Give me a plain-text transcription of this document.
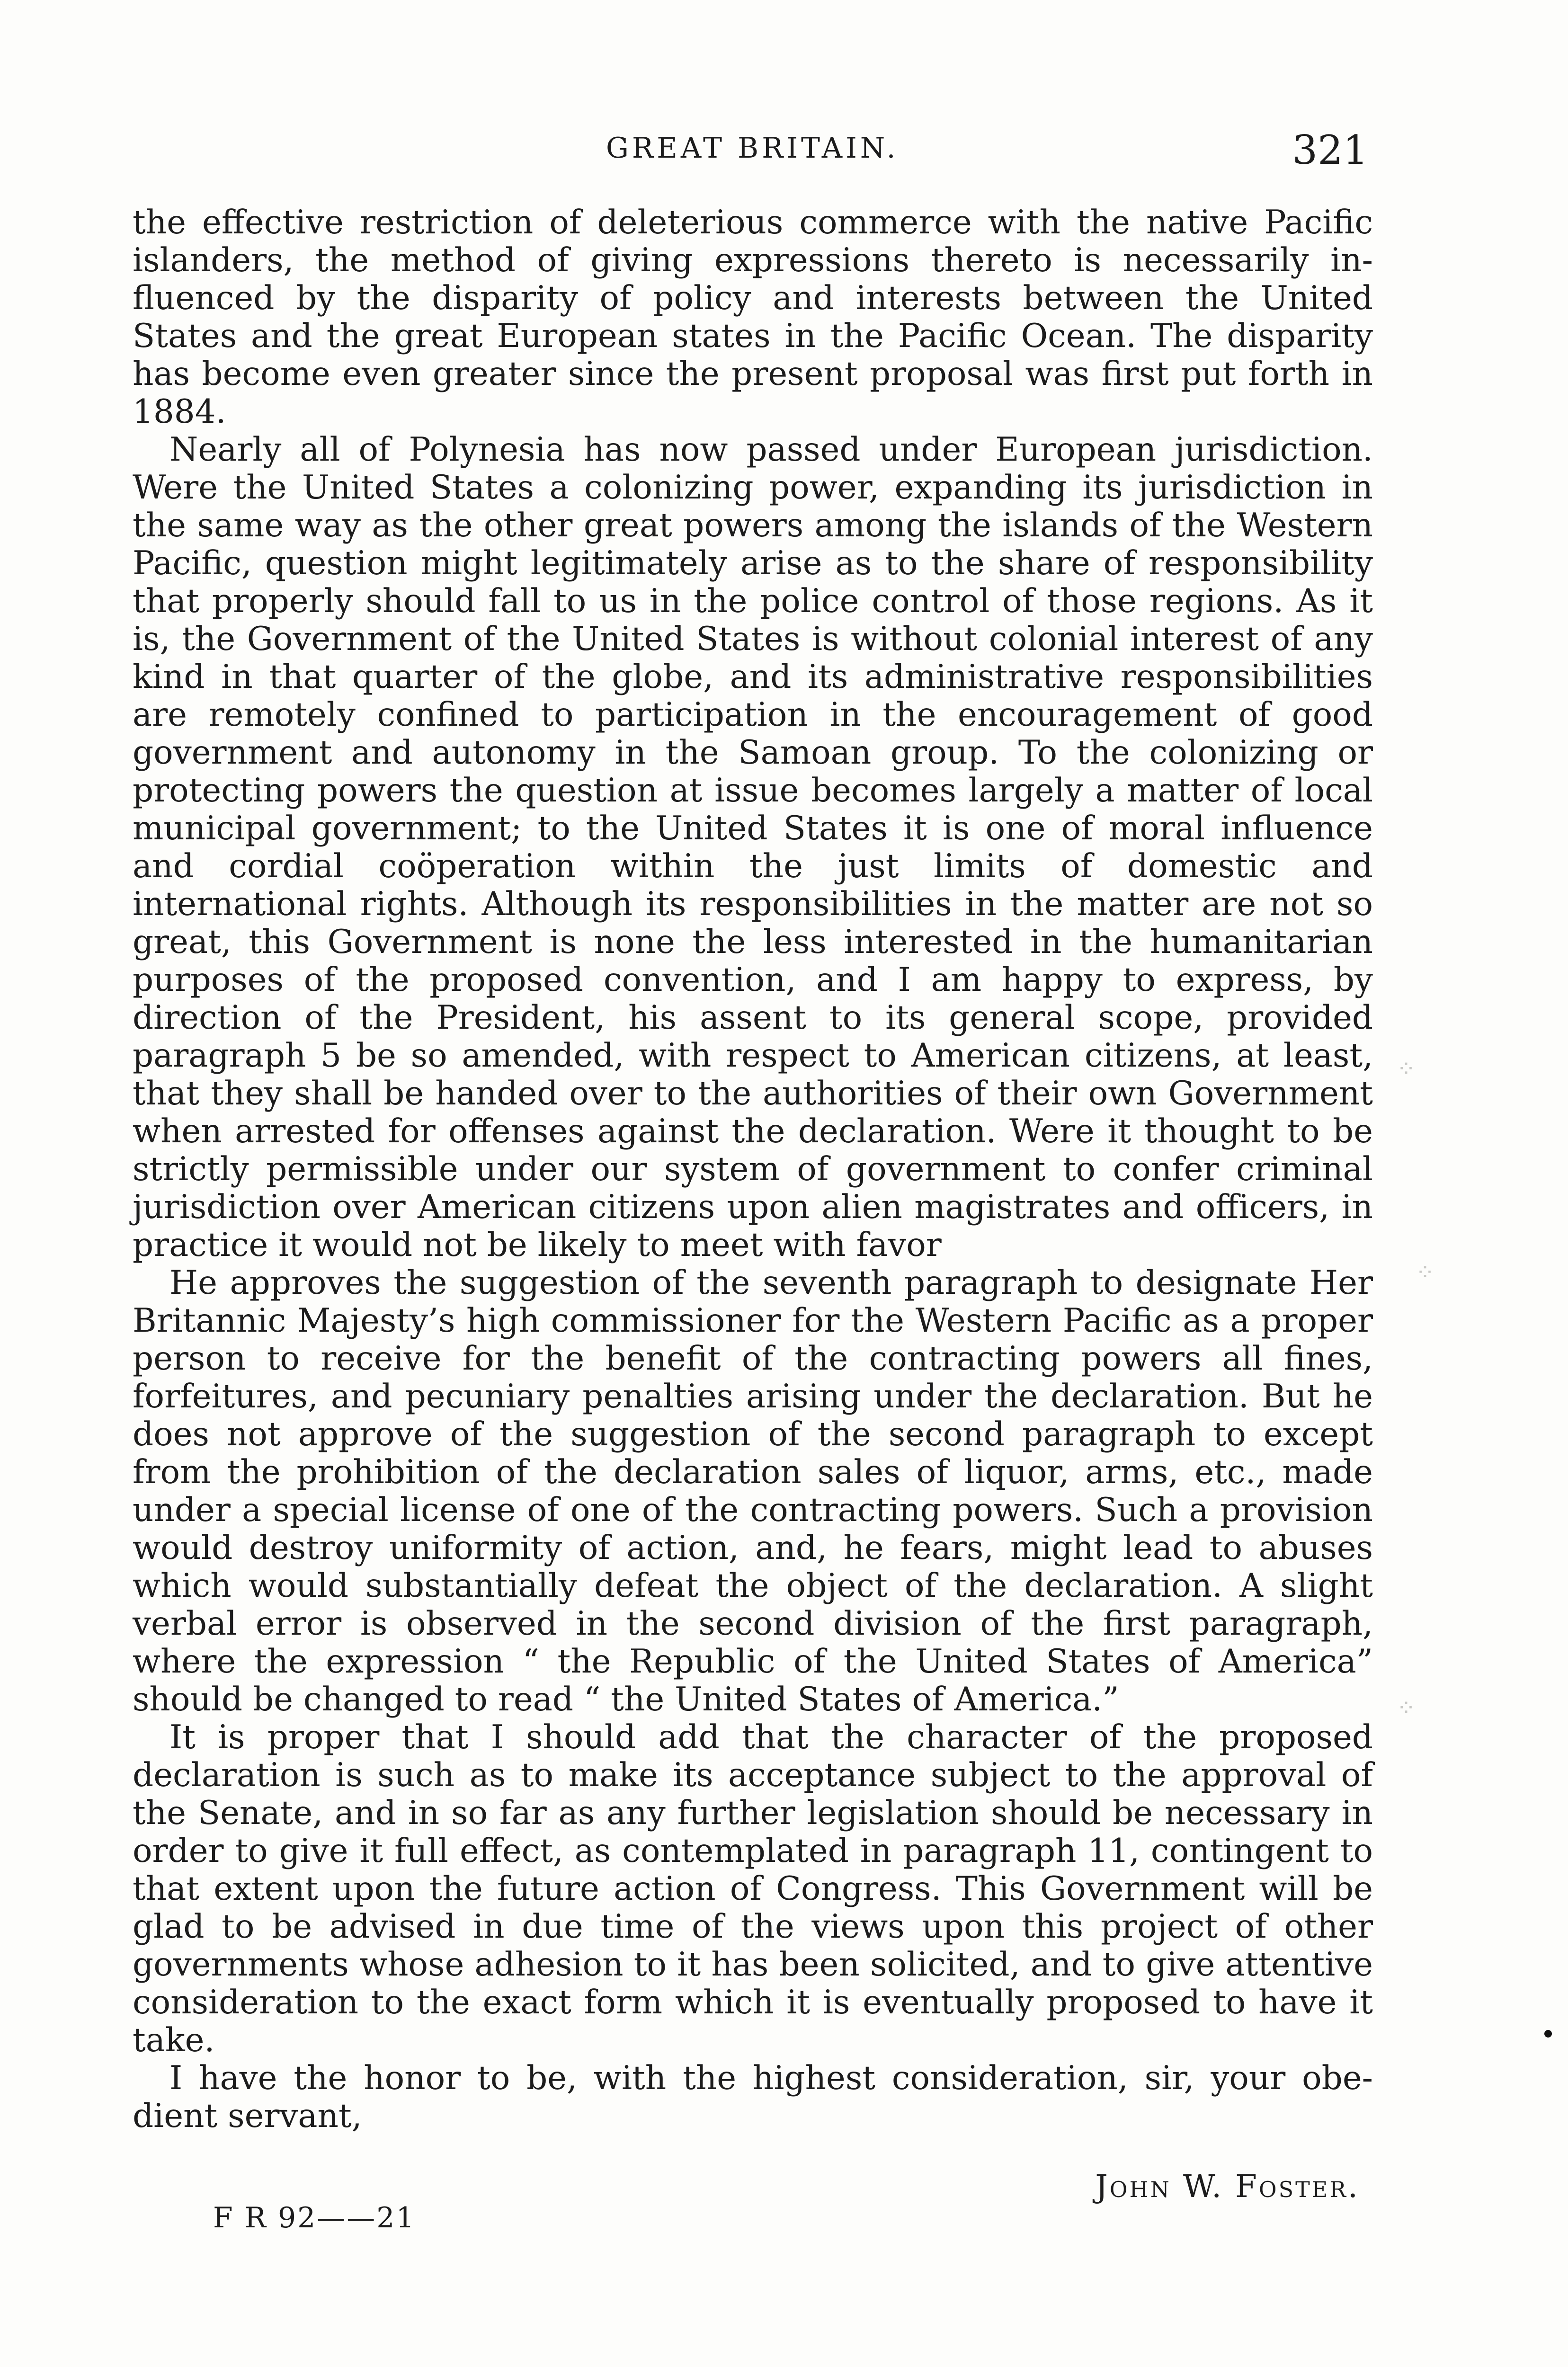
GREAT BRITAIN.	321

the effective restriction of deleterious commerce with the native Pacific islanders, the method of giving expressions thereto is necessarily influenced by the disparity of policy and interests between the United States and the great European states in the Pacific Ocean. The disparity has become even greater since the present proposal was first put forth in 1884.

Nearly all of Polynesia has now passed under European jurisdiction. Were the United States a colonizing power, expanding its jurisdiction in the same way as the other great powers among the islands of the Western Pacific, question might legitimately arise as to the share of responsibility that properly should fall to us in the police control of those regions. As it is, the Government of the United States is without colonial interest of any kind in that quarter of the globe, and its administrative responsibilities are remotely confined to participation in the encouragement of good government and autonomy in the Samoan group. To the colonizing or protecting powers the question at issue becomes largely a matter of local municipal government; to the United States it is one of moral influence and cordial coöperation within the just limits of domestic and international rights. Although its responsibilities in the matter are not so great, this Government is none the less interested in the humanitarian purposes of the proposed convention, and I am happy to express, by direction of the President, his assent to its general scope, provided paragraph 5 be so amended, with respect to American citizens, at least, that they shall be handed over to the authorities of their own Government when arrested for offenses against the declaration. Were it thought to be strictly permissible under our system of government to confer criminal jurisdiction over American citizens upon alien magistrates and officers, in practice it would not be likely to meet with favor

He approves the suggestion of the seventh paragraph to designate Her Britannic Majesty’s high commissioner for the Western Pacific as a proper person to receive for the benefit of the contracting powers all fines, forfeitures, and pecuniary penalties arising under the declaration. But he does not approve of the suggestion of the second paragraph to except from the prohibition of the declaration sales of liquor, arms, etc., made under a special license of one of the contracting powers. Such a provision would destroy uniformity of action, and, he fears, might lead to abuses which would substantially defeat the object of the declaration. A slight verbal error is observed in the second division of the first paragraph, where the expression “ the Republic of the United States of America” should be changed to read “ the United States of America.”

It is proper that I should add that the character of the proposed declaration is such as to make its acceptance subject to the approval of the Senate, and in so far as any further legislation should be necessary in order to give it full effect, as contemplated in paragraph 11, contingent to that extent upon the future action of Congress. This Government will be glad to be advised in due time of the views upon this project of other governments whose adhesion to it has been solicited, and to give attentive consideration to the exact form which it is eventually proposed to have it take.

I have the honor to be, with the highest consideration, sir, your obedient servant,

John W. Foster.
F R 92——21
⁘
⁘
⁘
